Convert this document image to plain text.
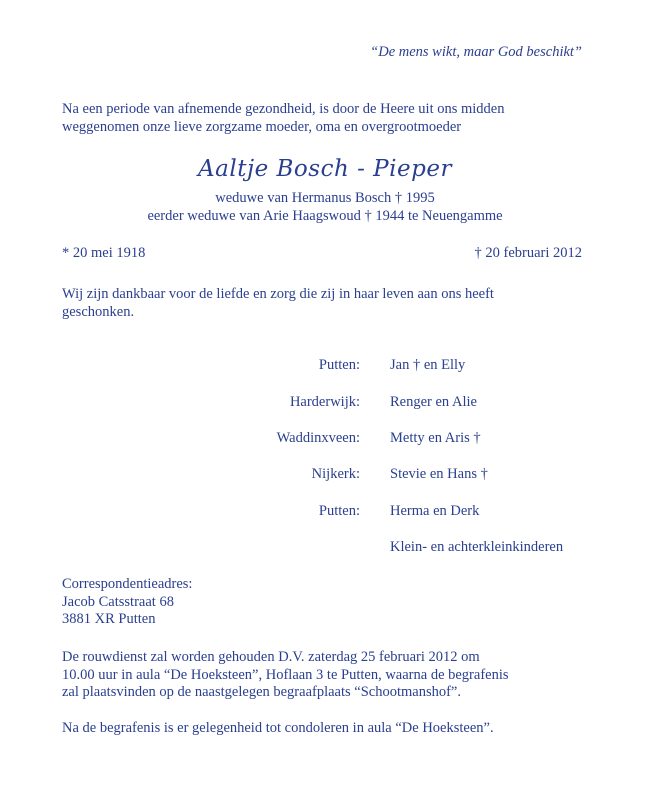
“De mens wikt, maar God beschikt”
Na een periode van afnemende gezondheid, is door de Heere uit ons midden
weggenomen onze lieve zorgzame moeder, oma en overgrootmoeder
Aaltje Bosch - Pieper
weduwe van Hermanus Bosch † 1995
eerder weduwe van Arie Haagswoud † 1944 te Neuengamme
* 20 mei 1918	† 20 februari 2012
Wij zijn dankbaar voor de liefde en zorg die zij in haar leven aan ons heeft
geschonken.
Putten: Jan † en Elly
Harderwijk: Renger en Alie
Waddinxveen: Metty en Aris †
Nijkerk: Stevie en Hans †
Putten: Herma en Derk
Klein- en achterkleinkinderen
Correspondentieadres:
Jacob Catsstraat 68
3881 XR Putten
De rouwdienst zal worden gehouden D.V. zaterdag 25 februari 2012 om
10.00 uur in aula “De Hoeksteen”, Hoflaan 3 te Putten, waarna de begrafenis
zal plaatsvinden op de naastgelegen begraafplaats “Schootmanshof”.
Na de begrafenis is er gelegenheid tot condoleren in aula “De Hoeksteen”.
